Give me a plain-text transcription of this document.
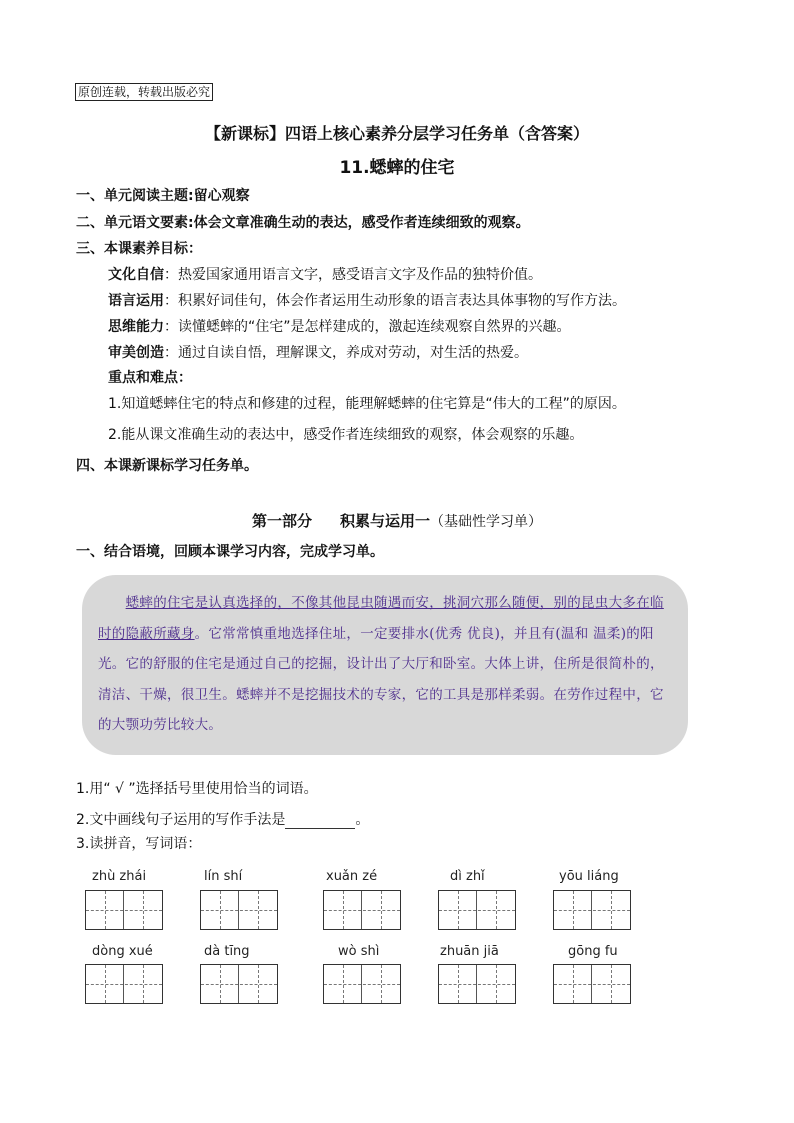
原创连载，转载出版必究
【新课标】四语上核心素养分层学习任务单（含答案）
11.蟋蟀的住宅
一、单元阅读主题:留心观察
二、单元语文要素:体会文章准确生动的表达，感受作者连续细致的观察。
三、本课素养目标：
文化自信：热爱国家通用语言文字，感受语言文字及作品的独特价值。
语言运用：积累好词佳句，体会作者运用生动形象的语言表达具体事物的写作方法。
思维能力：读懂蟋蟀的“住宅”是怎样建成的，激起连续观察自然界的兴趣。
审美创造：通过自读自悟，理解课文，养成对劳动，对生活的热爱。
重点和难点：
1.知道蟋蟀住宅的特点和修建的过程，能理解蟋蟀的住宅算是“伟大的工程”的原因。
2.能从课文准确生动的表达中，感受作者连续细致的观察，体会观察的乐趣。
四、本课新课标学习任务单。
第一部分 积累与运用一（基础性学习单）
一、结合语境，回顾本课学习内容，完成学习单。
　　蟋蟀的住宅是认真选择的，不像其他昆虫随遇而安，挑洞穴那么随便，别的昆虫大多在临时的隐蔽所藏身。它常常慎重地选择住址，一定要排水(优秀 优良)，并且有(温和 温柔)的阳光。它的舒服的住宅是通过自己的挖掘，设计出了大厅和卧室。大体上讲，住所是很简朴的，清洁、干燥，很卫生。蟋蟀并不是挖掘技术的专家，它的工具是那样柔弱。在劳作过程中，它的大颚功劳比较大。
1.用“ √ ”选择括号里使用恰当的词语。
2.文中画线句子运用的写作手法是	。
3.读拼音，写词语：
zhù zhái	lín shí	xuǎn zé	dì zhǐ	yōu liáng
dòng xué	dà tīng	wò shì	zhuān jiā	gōng fu
